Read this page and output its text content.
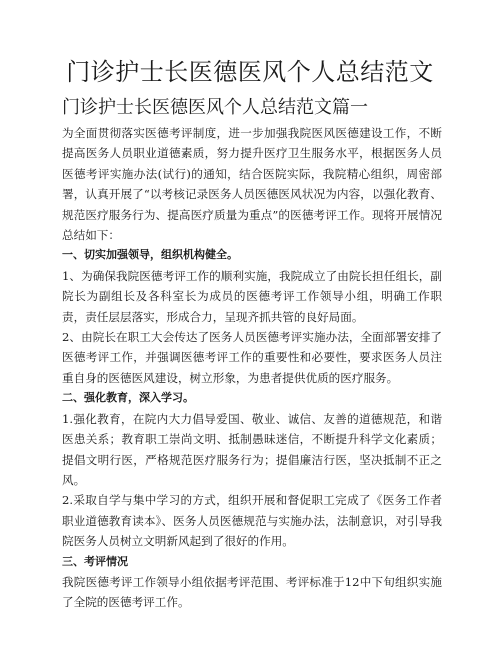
门诊护士长医德医风个人总结范文
门诊护士长医德医风个人总结范文篇一

为全面贯彻落实医德考评制度，进一步加强我院医风医德建设工作，不断提高医务人员职业道德素质，努力提升医疗卫生服务水平，根据医务人员医德考评实施办法(试行)的通知，结合医院实际，我院精心组织，周密部署，认真开展了“以考核记录医务人员医德医风状况为内容，以强化教育、规范医疗服务行为、提高医疗质量为重点”的医德考评工作。现将开展情况总结如下：

一、切实加强领导，组织机构健全。

1、为确保我院医德考评工作的顺利实施，我院成立了由院长担任组长，副院长为副组长及各科室长为成员的医德考评工作领导小组，明确工作职责，责任层层落实，形成合力，呈现齐抓共管的良好局面。

2、由院长在职工大会传达了医务人员医德考评实施办法，全面部署安排了医德考评工作，并强调医德考评工作的重要性和必要性，要求医务人员注重自身的医德医风建设，树立形象，为患者提供优质的医疗服务。

二、强化教育，深入学习。

1.强化教育，在院内大力倡导爱国、敬业、诚信、友善的道德规范，和谐医患关系；教育职工崇尚文明、抵制愚昧迷信，不断提升科学文化素质；提倡文明行医，严格规范医疗服务行为；提倡廉洁行医，坚决抵制不正之风。

2.采取自学与集中学习的方式，组织开展和督促职工完成了《医务工作者职业道德教育读本》、医务人员医德规范与实施办法，法制意识，对引导我院医务人员树立文明新风起到了很好的作用。

三、考评情况

我院医德考评工作领导小组依据考评范围、考评标准于12中下旬组织实施了全院的医德考评工作。
